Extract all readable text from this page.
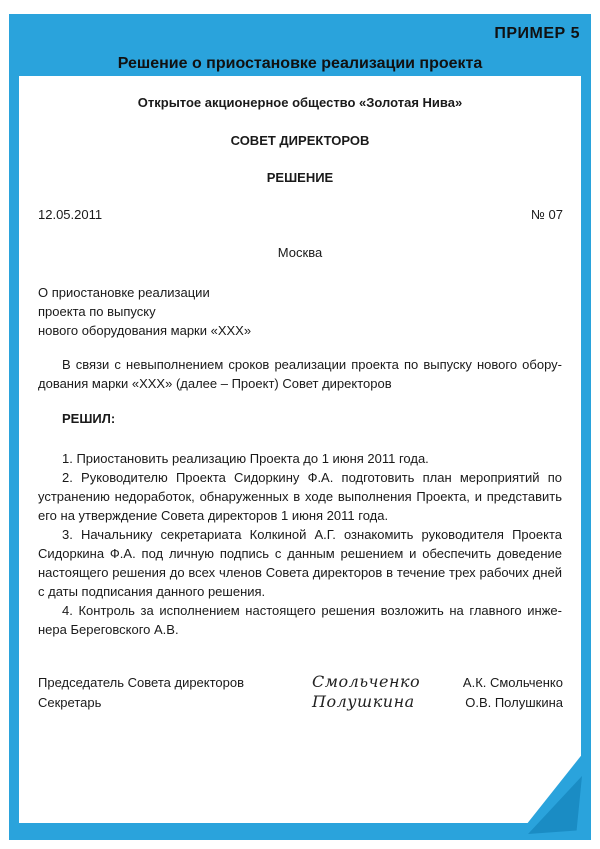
ПРИМЕР 5
Решение о приостановке реализации проекта
Открытое акционерное общество «Золотая Нива»
СОВЕТ ДИРЕКТОРОВ
РЕШЕНИЕ
12.05.2011	№ 07
Москва
О приостановке реализации
проекта по выпуску
нового оборудования марки «XXX»
В связи с невыполнением сроков реализации проекта по выпуску нового оборудования марки «XXX» (далее – Проект) Совет директоров
РЕШИЛ:
1. Приостановить реализацию Проекта до 1 июня 2011 года.
2. Руководителю Проекта Сидоркину Ф.А. подготовить план мероприятий по устранению недоработок, обнаруженных в ходе выполнения Проекта, и представить его на утверждение Совета директоров 1 июня 2011 года.
3. Начальнику секретариата Колкиной А.Г. ознакомить руководителя Проекта Сидоркина Ф.А. под личную подпись с данным решением и обеспечить доведение настоящего решения до всех членов Совета директоров в течение трех рабочих дней с даты подписания данного решения.
4. Контроль за исполнением настоящего решения возложить на главного инженера Береговского А.В.
Председатель Совета директоров	Смольченко	А.К. Смольченко
Секретарь	Полушкина	О.В. Полушкина
